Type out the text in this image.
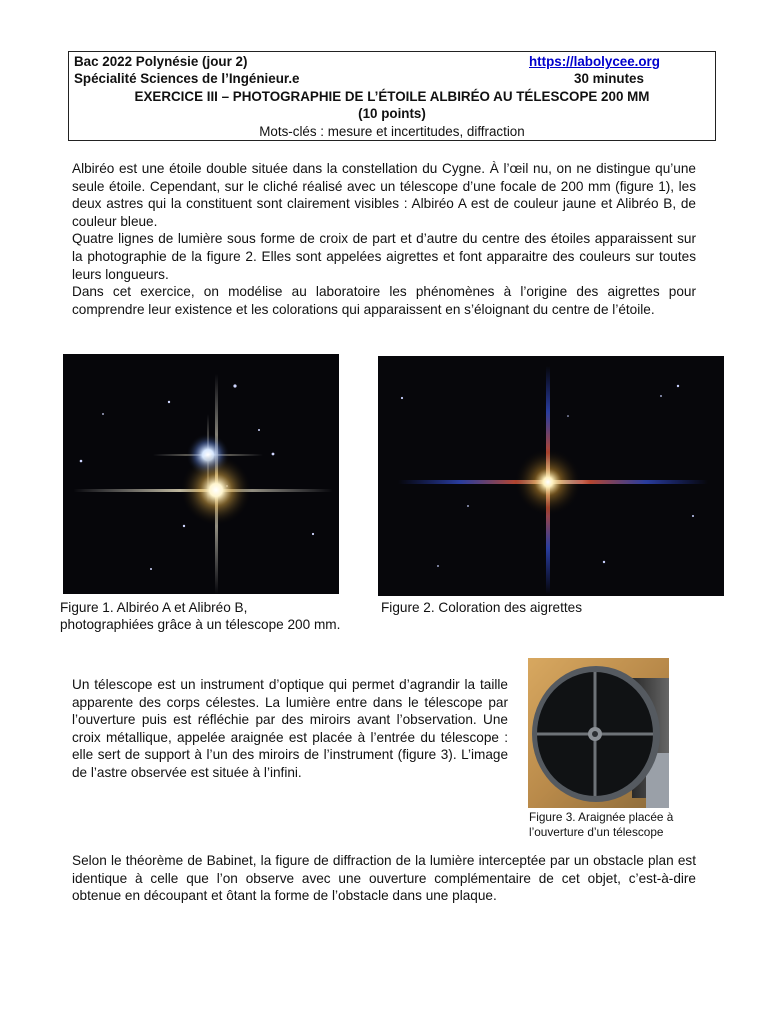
Bac 2022 Polynésie (jour 2)	https://labolycee.org
Spécialité Sciences de l’Ingénieur.e	30 minutes
EXERCICE III – PHOTOGRAPHIE DE L’ÉTOILE ALBIRÉO AU TÉLESCOPE 200 MM
(10 points)
Mots-clés : mesure et incertitudes, diffraction

Albiréo est une étoile double située dans la constellation du Cygne. À l’œil nu, on ne distingue qu’une seule étoile. Cependant, sur le cliché réalisé avec un télescope d’une focale de 200 mm (figure 1), les deux astres qui la constituent sont clairement visibles : Albiréo A est de couleur jaune et Alibréo B, de couleur bleue.

Quatre lignes de lumière sous forme de croix de part et d’autre du centre des étoiles apparaissent sur la photographie de la figure 2. Elles sont appelées aigrettes et font apparaitre des couleurs sur toutes leurs longueurs.

Dans cet exercice, on modélise au laboratoire les phénomènes à l’origine des aigrettes pour comprendre leur existence et les colorations qui apparaissent en s’éloignant du centre de l’étoile.

Figure 1. Albiréo A et Alibréo B,
photographiées grâce à un télescope 200 mm.
Figure 2. Coloration des aigrettes

Un télescope est un instrument d’optique qui permet d’agrandir la taille apparente des corps célestes. La lumière entre dans le télescope par l’ouverture puis est réfléchie par des miroirs avant l’observation. Une croix métallique, appelée araignée est placée à l’entrée du télescope : elle sert de support à l’un des miroirs de l’instrument (figure 3). L’image de l’astre observée est située à l’infini.

Figure 3. Araignée placée à
l’ouverture d’un télescope

Selon le théorème de Babinet, la figure de diffraction de la lumière interceptée par un obstacle plan est identique à celle que l’on observe avec une ouverture complémentaire de cet objet, c’est-à-dire obtenue en découpant et ôtant la forme de l’obstacle dans une plaque.
